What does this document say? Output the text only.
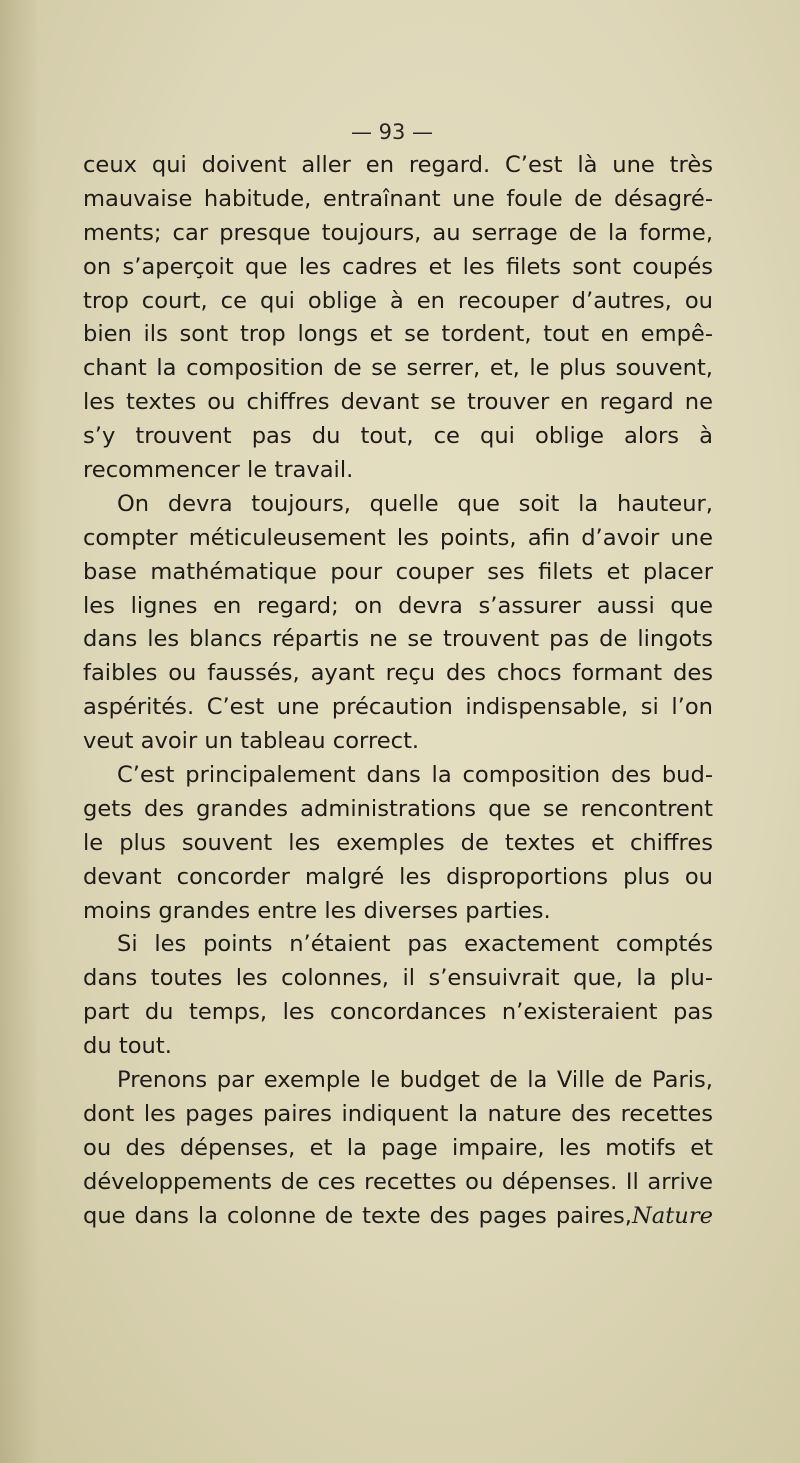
— 93 —
ceux qui doivent aller en regard. C’est là une très
mauvaise habitude, entraînant une foule de désagré-
ments; car presque toujours, au serrage de la forme,
on s’aperçoit que les cadres et les filets sont coupés
trop court, ce qui oblige à en recouper d’autres, ou
bien ils sont trop longs et se tordent, tout en empê-
chant la composition de se serrer, et, le plus souvent,
les textes ou chiffres devant se trouver en regard ne
s’y trouvent pas du tout, ce qui oblige alors à
recommencer le travail.
On devra toujours, quelle que soit la hauteur,
compter méticuleusement les points, afin d’avoir une
base mathématique pour couper ses filets et placer
les lignes en regard; on devra s’assurer aussi que
dans les blancs répartis ne se trouvent pas de lingots
faibles ou faussés, ayant reçu des chocs formant des
aspérités. C’est une précaution indispensable, si l’on
veut avoir un tableau correct.
C’est principalement dans la composition des bud-
gets des grandes administrations que se rencontrent
le plus souvent les exemples de textes et chiffres
devant concorder malgré les disproportions plus ou
moins grandes entre les diverses parties.
Si les points n’étaient pas exactement comptés
dans toutes les colonnes, il s’ensuivrait que, la plu-
part du temps, les concordances n’existeraient pas
du tout.
Prenons par exemple le budget de la Ville de Paris,
dont les pages paires indiquent la nature des recettes
ou des dépenses, et la page impaire, les motifs et
développements de ces recettes ou dépenses. Il arrive
que dans la colonne de texte des pages paires,Nature
